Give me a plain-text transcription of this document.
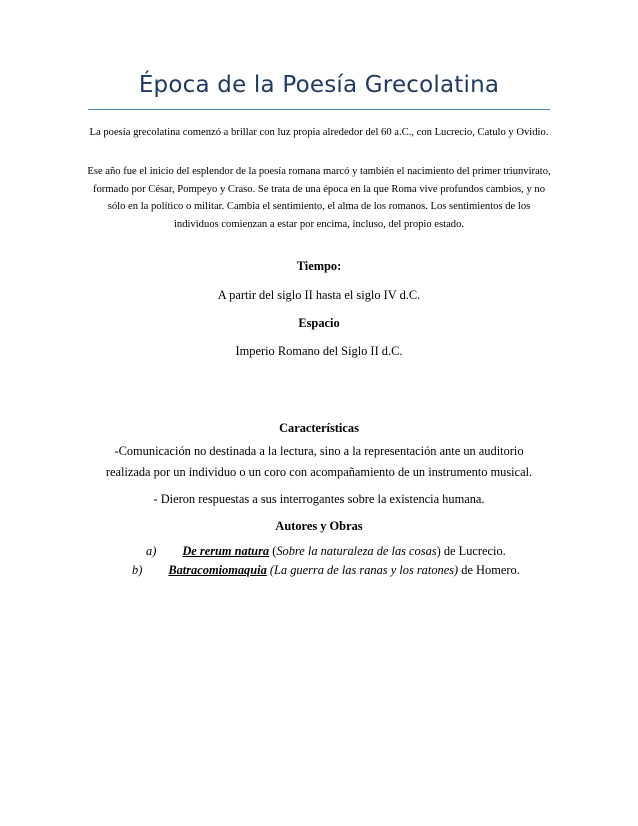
Época de la Poesía Grecolatina

La poesía grecolatina comenzó a brillar con luz propia alrededor del 60 a.C., con Lucrecio, Catulo y Ovidio.

Ese año fue el inicio del esplendor de la poesía romana marcó y también el nacimiento del primer triunvirato, formado por César, Pompeyo y Craso. Se trata de una época en la que Roma vive profundos cambios, y no sólo en la político o militar. Cambia el sentimiento, el alma de los romanos. Los sentimientos de los individuos comienzan a estar por encima, incluso, del propio estado.

Tiempo:

A partir del siglo II hasta el siglo IV d.C.

Espacio

Imperio Romano del Siglo II d.C.

Características

-Comunicación no destinada a la lectura, sino a la representación ante un auditorio realizada por un individuo o un coro con acompañamiento de un instrumento musical.

- Dieron respuestas a sus interrogantes sobre la existencia humana.

Autores y Obras

a) De rerum natura (Sobre la naturaleza de las cosas) de Lucrecio.
b) Batracomiomaquia (La guerra de las ranas y los ratones) de Homero.
